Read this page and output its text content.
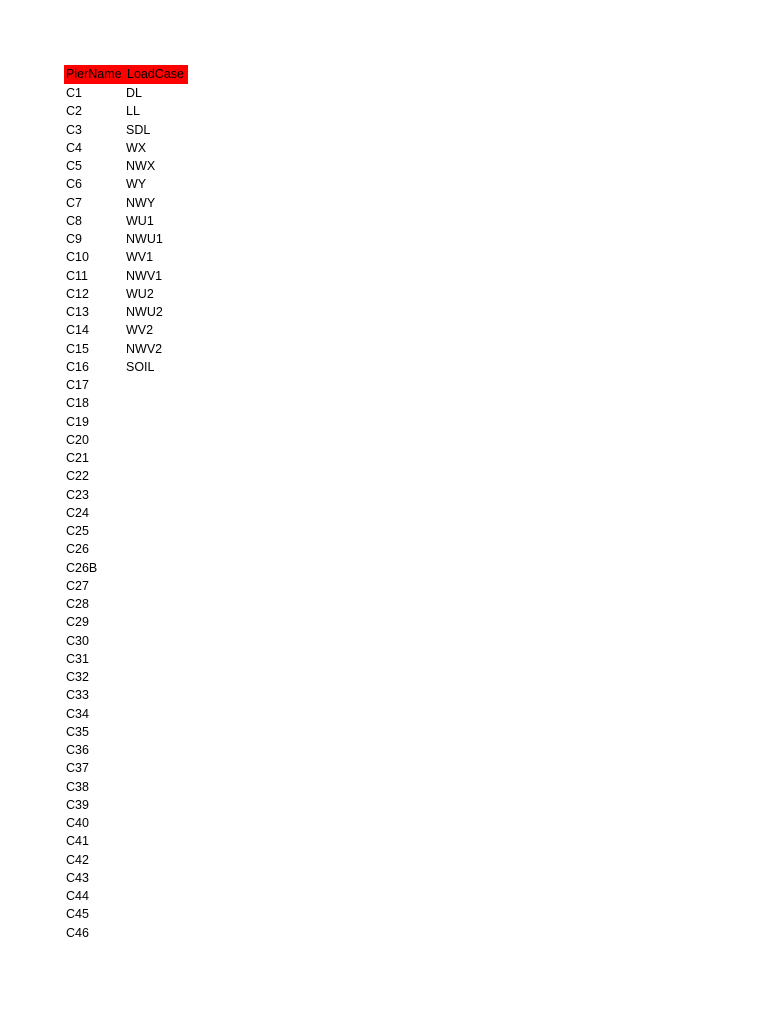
PierName LoadCase
C1	DL
C2	LL
C3	SDL
C4	WX
C5	NWX
C6	WY
C7	NWY
C8	WU1
C9	NWU1
C10	WV1
C11	NWV1
C12	WU2
C13	NWU2
C14	WV2
C15	NWV2
C16	SOIL
C17
C18
C19
C20
C21
C22
C23
C24
C25
C26
C26B
C27
C28
C29
C30
C31
C32
C33
C34
C35
C36
C37
C38
C39
C40
C41
C42
C43
C44
C45
C46
